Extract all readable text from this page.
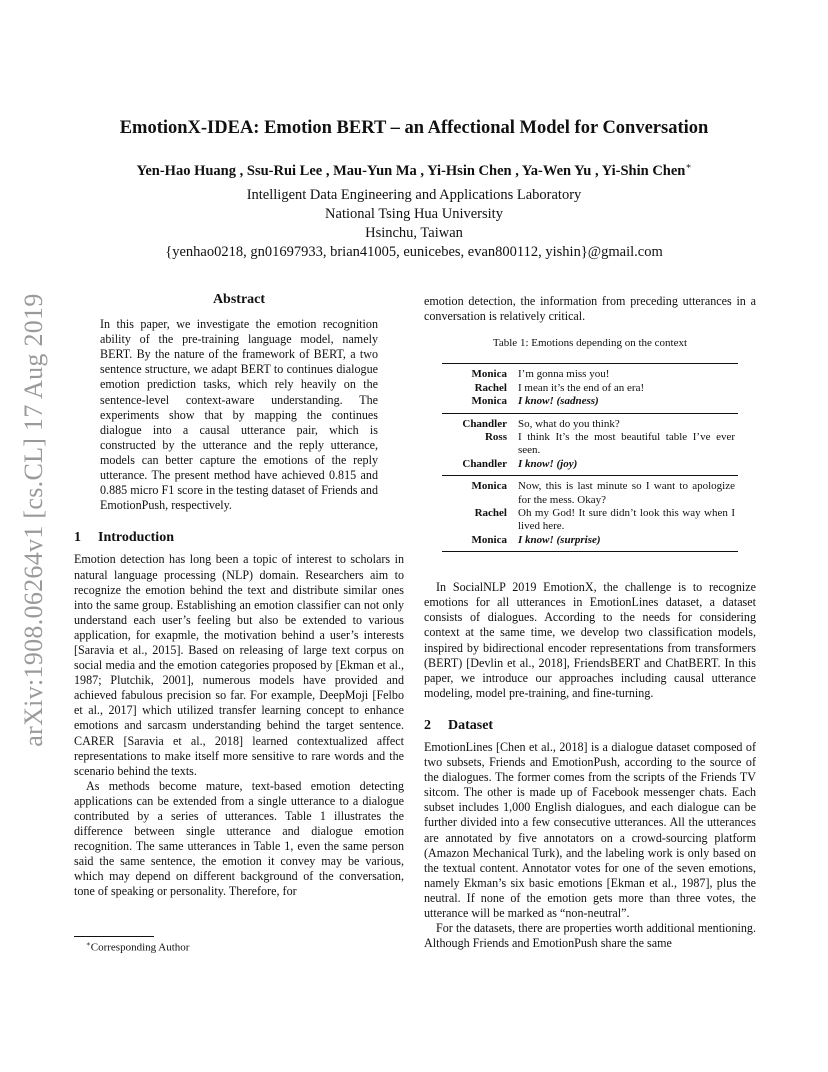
arXiv:1908.06264v1 [cs.CL] 17 Aug 2019
EmotionX-IDEA: Emotion BERT – an Affectional Model for Conversation
Yen-Hao Huang , Ssu-Rui Lee , Mau-Yun Ma , Yi-Hsin Chen , Ya-Wen Yu , Yi-Shin Chen∗
Intelligent Data Engineering and Applications Laboratory
National Tsing Hua University
Hsinchu, Taiwan
{yenhao0218, gn01697933, brian41005, eunicebes, evan800112, yishin}@gmail.com

Abstract

In this paper, we investigate the emotion recognition ability of the pre-training language model, namely BERT. By the nature of the framework of BERT, a two sentence structure, we adapt BERT to continues dialogue emotion prediction tasks, which rely heavily on the sentence-level context-aware understanding. The experiments show that by mapping the continues dialogue into a causal utterance pair, which is constructed by the utterance and the reply utterance, models can better capture the emotions of the reply utterance. The present method have achieved 0.815 and 0.885 micro F1 score in the testing dataset of Friends and EmotionPush, respectively.

1 Introduction

Emotion detection has long been a topic of interest to scholars in natural language processing (NLP) domain. Researchers aim to recognize the emotion behind the text and distribute similar ones into the same group. Establishing an emotion classifier can not only understand each user’s feeling but also be extended to various application, for exapmle, the motivation behind a user’s interests [Saravia et al., 2015]. Based on releasing of large text corpus on social media and the emotion categories proposed by [Ekman et al., 1987; Plutchik, 2001], numerous models have provided and achieved fabulous precision so far. For example, DeepMoji [Felbo et al., 2017] which utilized transfer learning concept to enhance emotions and sarcasm understanding behind the target sentence. CARER [Saravia et al., 2018] learned contextualized affect representations to make itself more sensitive to rare words and the scenario behind the texts.

As methods become mature, text-based emotion detecting applications can be extended from a single utterance to a dialogue contributed by a series of utterances. Table 1 illustrates the difference between single utterance and dialogue emotion recognition. The same utterances in Table 1, even the same person said the same sentence, the emotion it convey may be various, which may depend on different background of the conversation, tone of speaking or personality. Therefore, for

emotion detection, the information from preceding utterances in a conversation is relatively critical.

Table 1: Emotions depending on the context

Monica	I’m gonna miss you!
Rachel	I mean it’s the end of an era!
Monica	I know! (sadness)
Chandler	So, what do you think?
Ross	I think It’s the most beautiful table I’ve ever seen.
Chandler	I know! (joy)
Monica	Now, this is last minute so I want to apologize for the mess. Okay?
Rachel	Oh my God! It sure didn’t look this way when I lived here.
Monica	I know! (surprise)

In SocialNLP 2019 EmotionX, the challenge is to recognize emotions for all utterances in EmotionLines dataset, a dataset consists of dialogues. According to the needs for considering context at the same time, we develop two classification models, inspired by bidirectional encoder representations from transformers (BERT) [Devlin et al., 2018], FriendsBERT and ChatBERT. In this paper, we introduce our approaches including causal utterance modeling, model pre-training, and fine-turning.

2 Dataset

EmotionLines [Chen et al., 2018] is a dialogue dataset composed of two subsets, Friends and EmotionPush, according to the source of the dialogues. The former comes from the scripts of the Friends TV sitcom. The other is made up of Facebook messenger chats. Each subset includes 1,000 English dialogues, and each dialogue can be further divided into a few consecutive utterances. All the utterances are annotated by five annotators on a crowd-sourcing platform (Amazon Mechanical Turk), and the labeling work is only based on the textual content. Annotator votes for one of the seven emotions, namely Ekman’s six basic emotions [Ekman et al., 1987], plus the neutral. If none of the emotion gets more than three votes, the utterance will be marked as “non-neutral”.

For the datasets, there are properties worth additional mentioning. Although Friends and EmotionPush share the same

∗Corresponding Author
